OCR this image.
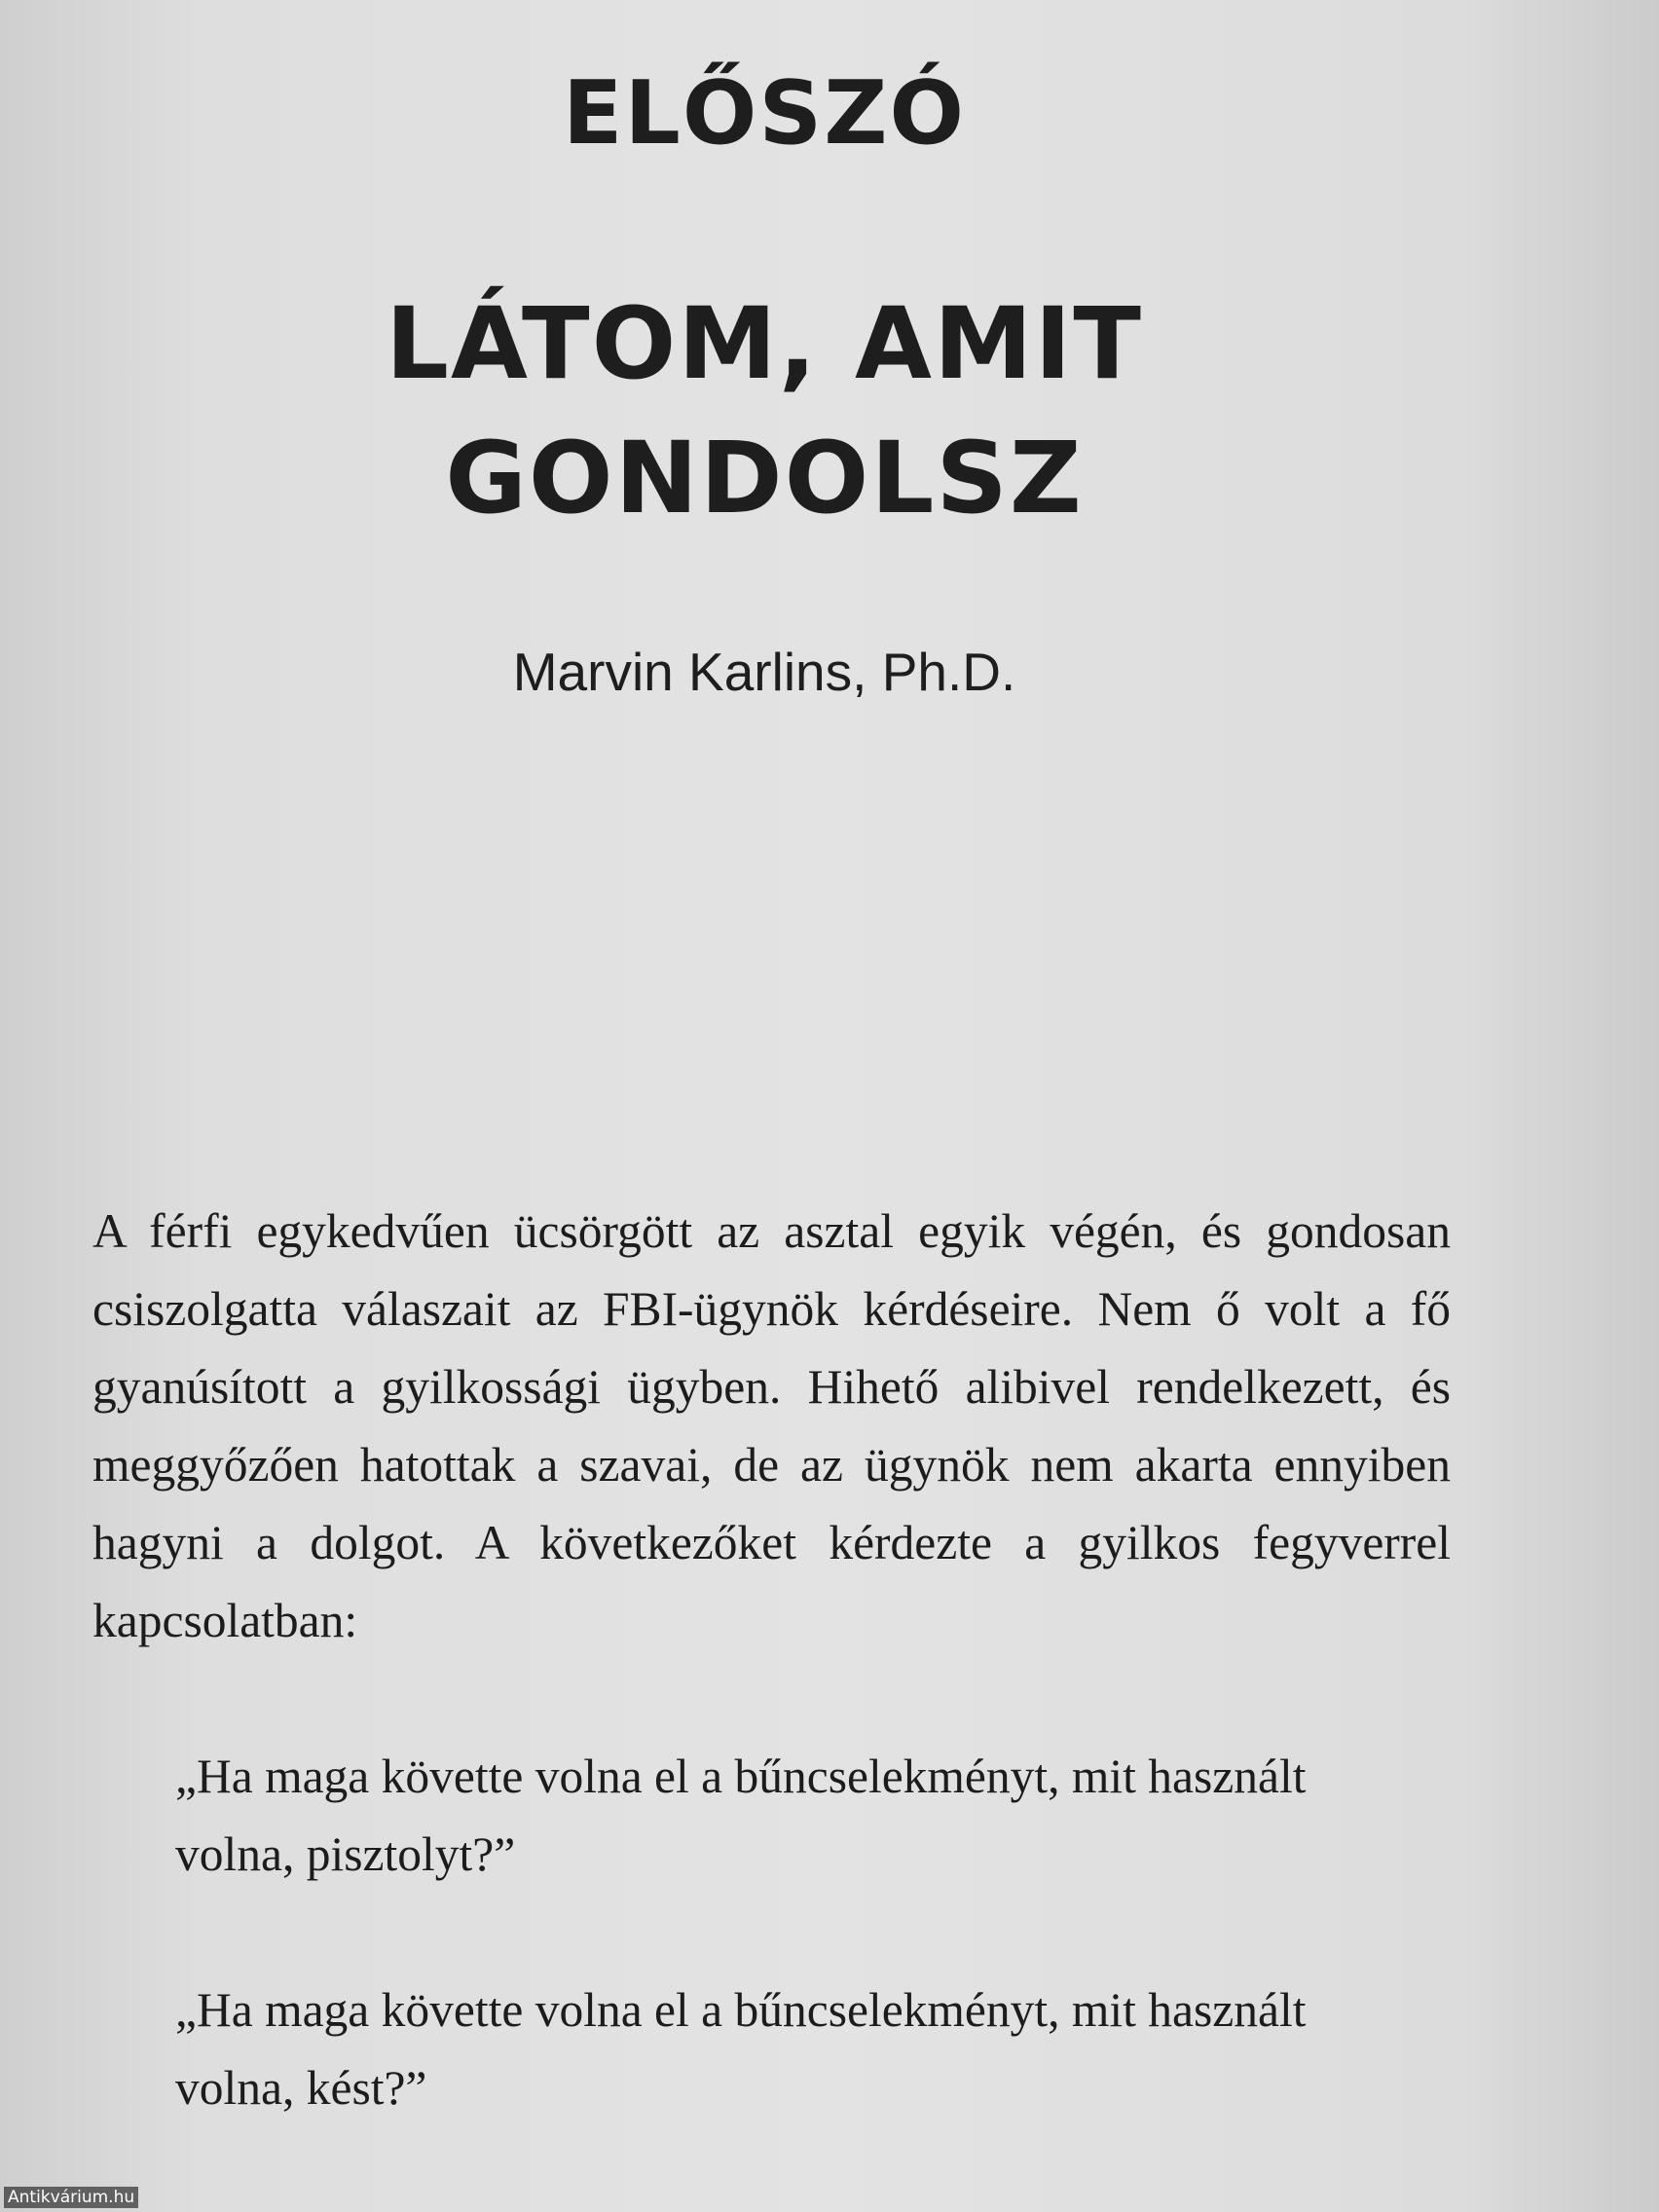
ELŐSZÓ
LÁTOM, AMIT
GONDOLSZ
Marvin Karlins, Ph.D.

A férfi egykedvűen ücsörgött az asztal egyik végén, és gondosan csiszolgatta válaszait az FBI-ügynök kérdéseire. Nem ő volt a fő gyanúsított a gyilkossági ügyben. Hihető alibivel rendelkezett, és meggyőzően hatottak a szavai, de az ügynök nem akarta ennyiben hagyni a dolgot. A következőket kérdezte a gyilkos fegyverrel kapcsolatban:

„Ha maga követte volna el a bűncselekményt, mit használt volna, pisztolyt?”

„Ha maga követte volna el a bűncselekményt, mit használt volna, kést?”

Antikvárium.hu
